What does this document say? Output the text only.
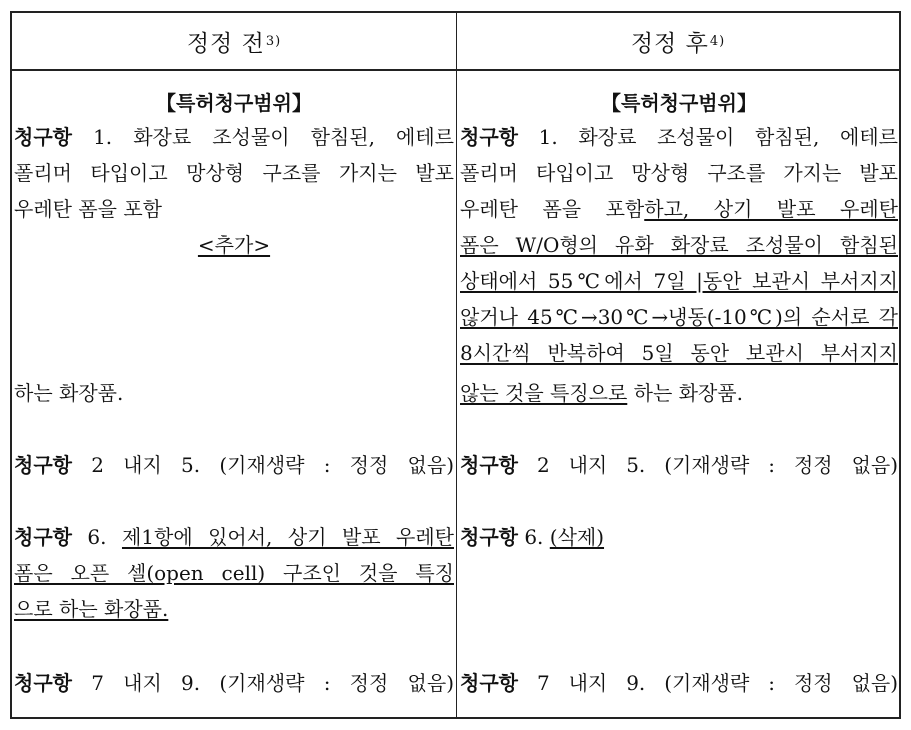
정정 전 3)	정정 후 4)
【특허청구범위】
청구항 1. 화장료 조성물이 함침된, 에테르
폴리머 타입이고 망상형 구조를 가지는 발포
우레탄 폼을 포함
<추가>
하는 화장품.
청구항 2 내지 5. (기재생략 : 정정 없음)
청구항 6. 제1항에 있어서, 상기 발포 우레탄
폼은 오픈 셀(open cell) 구조인 것을 특징
으로 하는 화장품.
청구항 7 내지 9. (기재생략 : 정정 없음)
【특허청구범위】
청구항 1. 화장료 조성물이 함침된, 에테르
폴리머 타입이고 망상형 구조를 가지는 발포
우레탄 폼을 포함하고, 상기 발포 우레탄
폼은 W/O형의 유화 화장료 조성물이 함침된
상태에서 55℃에서 7일 |동안 보관시 부서지지
않거나 45℃→30℃→냉동(-10℃)의 순서로 각
8시간씩 반복하여 5일 동안 보관시 부서지지
않는 것을 특징으로 하는 화장품.
청구항 2 내지 5. (기재생략 : 정정 없음)
청구항 6. (삭제)
청구항 7 내지 9. (기재생략 : 정정 없음)
